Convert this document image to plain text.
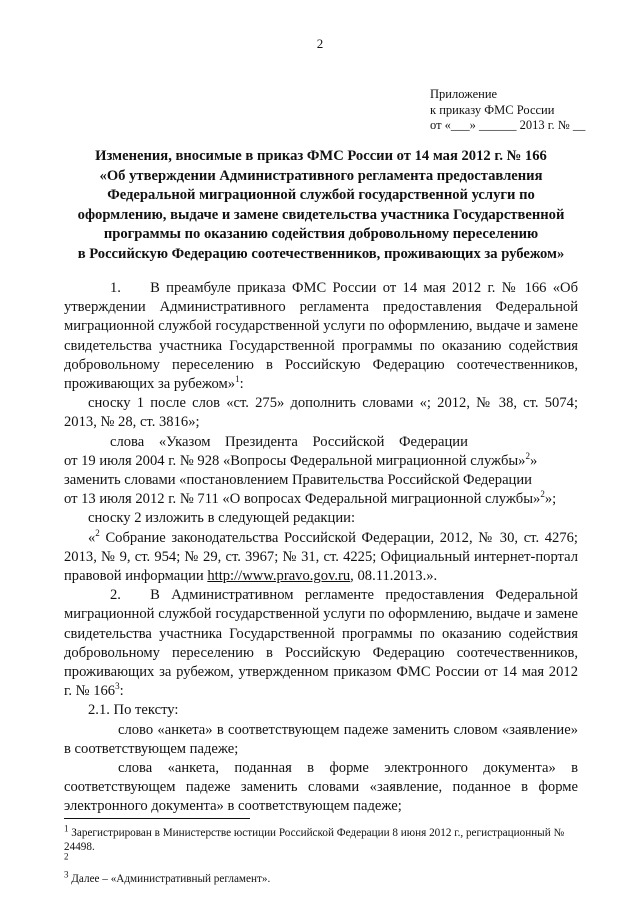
2
Приложение
к приказу ФМС России
от «___» ______ 2013 г. № __
Изменения, вносимые в приказ ФМС России от 14 мая 2012 г. № 166
«Об утверждении Административного регламента предоставления
Федеральной миграционной службой государственной услуги по
оформлению, выдаче и замене свидетельства участника Государственной
программы по оказанию содействия добровольному переселению
в Российскую Федерацию соотечественников, проживающих за рубежом»

1.  В преамбуле приказа ФМС России от 14 мая 2012 г. № 166 «Об утверждении Административного регламента предоставления Федеральной миграционной службой государственной услуги по оформлению, выдаче и замене свидетельства участника Государственной программы по оказанию содействия добровольному переселению в Российскую Федерацию соотечественников, проживающих за рубежом»$^1$:

сноску 1 после слов «ст. 275» дополнить словами «; 2012, № 38, ст. 5074; 2013, № 28, ст. 3816»;

слова «Указом Президента Российской Федерации

от 19 июля 2004 г. № 928 «Вопросы Федеральной миграционной службы»$^2$»

заменить словами «постановлением Правительства Российской Федерации

от 13 июля 2012 г. № 711 «О вопросах Федеральной миграционной службы»$^2$»;

сноску 2 изложить в следующей редакции:

«$^2$ Собрание законодательства Российской Федерации, 2012, № 30, ст. 4276; 2013, № 9, ст. 954; № 29, ст. 3967; № 31, ст. 4225; Официальный интернет-портал правовой информации http://www.pravo.gov.ru, 08.11.2013.».

2.  В Административном регламенте предоставления Федеральной миграционной службой государственной услуги по оформлению, выдаче и замене свидетельства участника Государственной программы по оказанию содействия добровольному переселению в Российскую Федерацию соотечественников, проживающих за рубежом, утвержденном приказом ФМС России от 14 мая 2012 г. № $166^3$:

2.1. По тексту:

слово «анкета» в соответствующем падеже заменить словом «заявление» в соответствующем падеже;

слова «анкета, поданная в форме электронного документа» в соответствующем падеже заменить словами «заявление, поданное в форме электронного документа» в соответствующем падеже;

$^1$ Зарегистрирован в Министерстве юстиции Российской Федерации 8 июня 2012 г., регистрационный № 24498.
$^2$
$^3$ Далее – «Административный регламент».
